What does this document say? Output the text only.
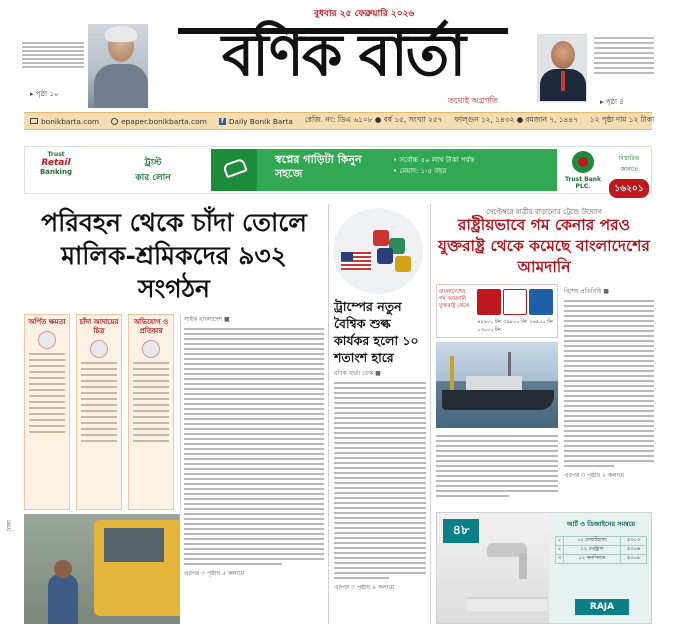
▸ পৃষ্ঠা ১০
বুধবার ২৫ ফেব্রুয়ারি ২০২৬
বণিক বার্তা
তথ্যেই অগ্রগতি	▸ পৃষ্ঠা ৪
bonikbarta.com	epaper.bonikbarta.com	f Daily Bonik Barta	রেজি. নং: ডিএ ৬১০৮ ● বর্ষ ১৫, সংখ্যা ২৫৭	ফাল্গুন ১২, ১৪৩২ ● রমজান ৭, ১৪৪৭	১২ পৃষ্ঠা দাম ১২ টাকা
Trust
Retail
Banking
ট্রাস্ট
কার লোন
স্বপ্নের গাড়িটা কিনুন সহজে
• সর্বোচ্চ ৫০ লাখ টাকা পর্যন্ত
• মেয়াদ: ১-৫ বছর
Trust Bank PLC.
বিস্তারিত জানতে
১৬২০১
পরিবহন থেকে চাঁদা তোলে মালিক-শ্রমিকদের ৯৩২ সংগঠন
অর্পিত ক্ষমতা	চাঁদা আদায়ের চিত্র
অভিযোগ ও প্রতিকার
সাইফ বাংলাদেশ ■
এরপর ৩ পৃষ্ঠায় ৫ কলামে
ট্রাম্পের নতুন বৈশ্বিক শুল্ক কার্যকর হলো ১০ শতাংশ হারে
বণিক বার্তা ডেস্ক ■
এরপর ৩ পৃষ্ঠায় ৪ কলামে
সেপ্টেম্বরে যাত্রীর বাড়ানোর ট্রেন্ডে উদ্যোগ
রাষ্ট্রীয়ভাবে গম কেনার পরও যুক্তরাষ্ট্র থেকে কমেছে বাংলাদেশের আমদানি
বাংলাদেশের গম আমদানি যুক্তরাষ্ট্র থেকে
৪২৯০০ টন ৩৯৮০০ টন ২৬৫০০ টন
১৩০০০ টন
বিশেষ প্রতিনিধি ■
এরপর ৩ পৃষ্ঠায় ২ কলামে
৪৮	আর্ট ও ডিজাইনের সমন্বয়ে
১	১২ লেফটহ্যান্ড	৫৩০৩
২	১২ সেন্ট্রাল	৫৩০৬
৩	১২ কনসিলড	৫৩০৯
RAJA
ঢাকা
